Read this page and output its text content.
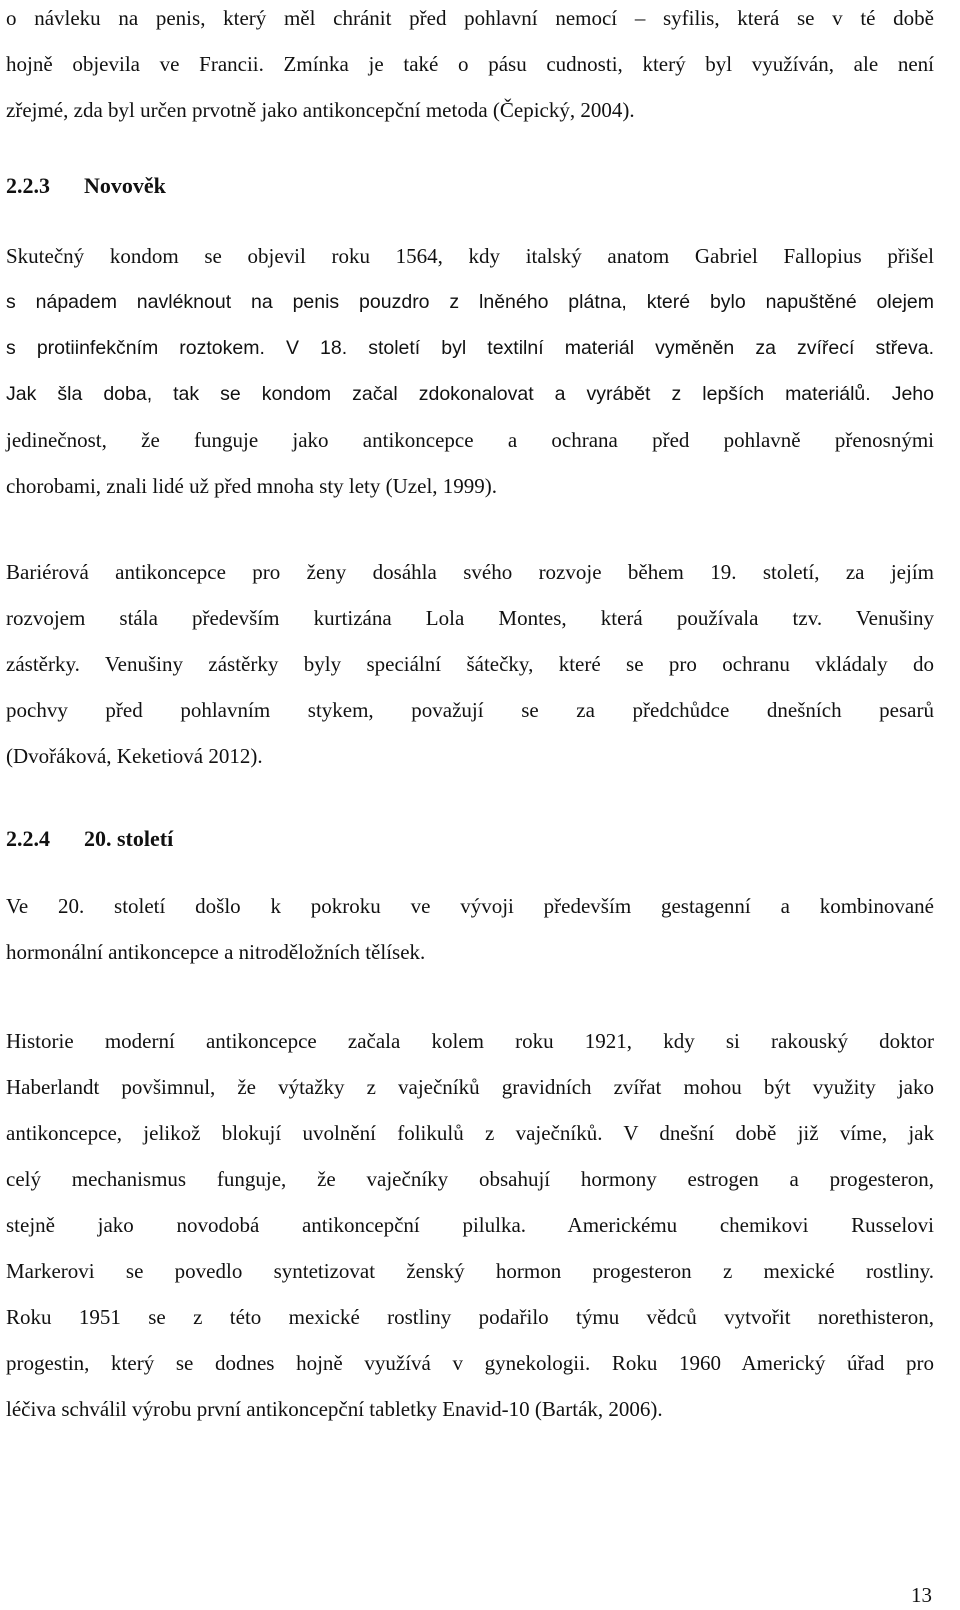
o návleku na penis, který měl chránit před pohlavní nemocí – syfilis, která se v té době
hojně objevila ve Francii. Zmínka je také o pásu cudnosti, který byl využíván, ale není
zřejmé, zda byl určen prvotně jako antikoncepční metoda (Čepický, 2004).
2.2.3 Novověk
Skutečný kondom se objevil roku 1564, kdy italský anatom Gabriel Fallopius přišel
s nápadem navléknout na penis pouzdro z lněného plátna, které bylo napuštěné olejem
s protiinfekčním roztokem. V 18. století byl textilní materiál vyměněn za zvířecí střeva.
Jak šla doba, tak se kondom začal zdokonalovat a vyrábět z lepších materiálů. Jeho
jedinečnost, že funguje jako antikoncepce a ochrana před pohlavně přenosnými
chorobami, znali lidé už před mnoha sty lety (Uzel, 1999).
Bariérová antikoncepce pro ženy dosáhla svého rozvoje během 19. století, za jejím
rozvojem stála především kurtizána Lola Montes, která používala tzv. Venušiny
zástěrky. Venušiny zástěrky byly speciální šátečky, které se pro ochranu vkládaly do
pochvy před pohlavním stykem, považují se za předchůdce dnešních pesarů
(Dvořáková, Keketiová 2012).
2.2.4 20. století
Ve 20. století došlo k pokroku ve vývoji především gestagenní a kombinované
hormonální antikoncepce a nitroděložních tělísek.
Historie moderní antikoncepce začala kolem roku 1921, kdy si rakouský doktor
Haberlandt povšimnul, že výtažky z vaječníků gravidních zvířat mohou být využity jako
antikoncepce, jelikož blokují uvolnění folikulů z vaječníků. V dnešní době již víme, jak
celý mechanismus funguje, že vaječníky obsahují hormony estrogen a progesteron,
stejně jako novodobá antikoncepční pilulka. Americkému chemikovi Russelovi
Markerovi se povedlo syntetizovat ženský hormon progesteron z mexické rostliny.
Roku 1951 se z této mexické rostliny podařilo týmu vědců vytvořit norethisteron,
progestin, který se dodnes hojně využívá v gynekologii. Roku 1960 Americký úřad pro
léčiva schválil výrobu první antikoncepční tabletky Enavid-10 (Barták, 2006).
13
